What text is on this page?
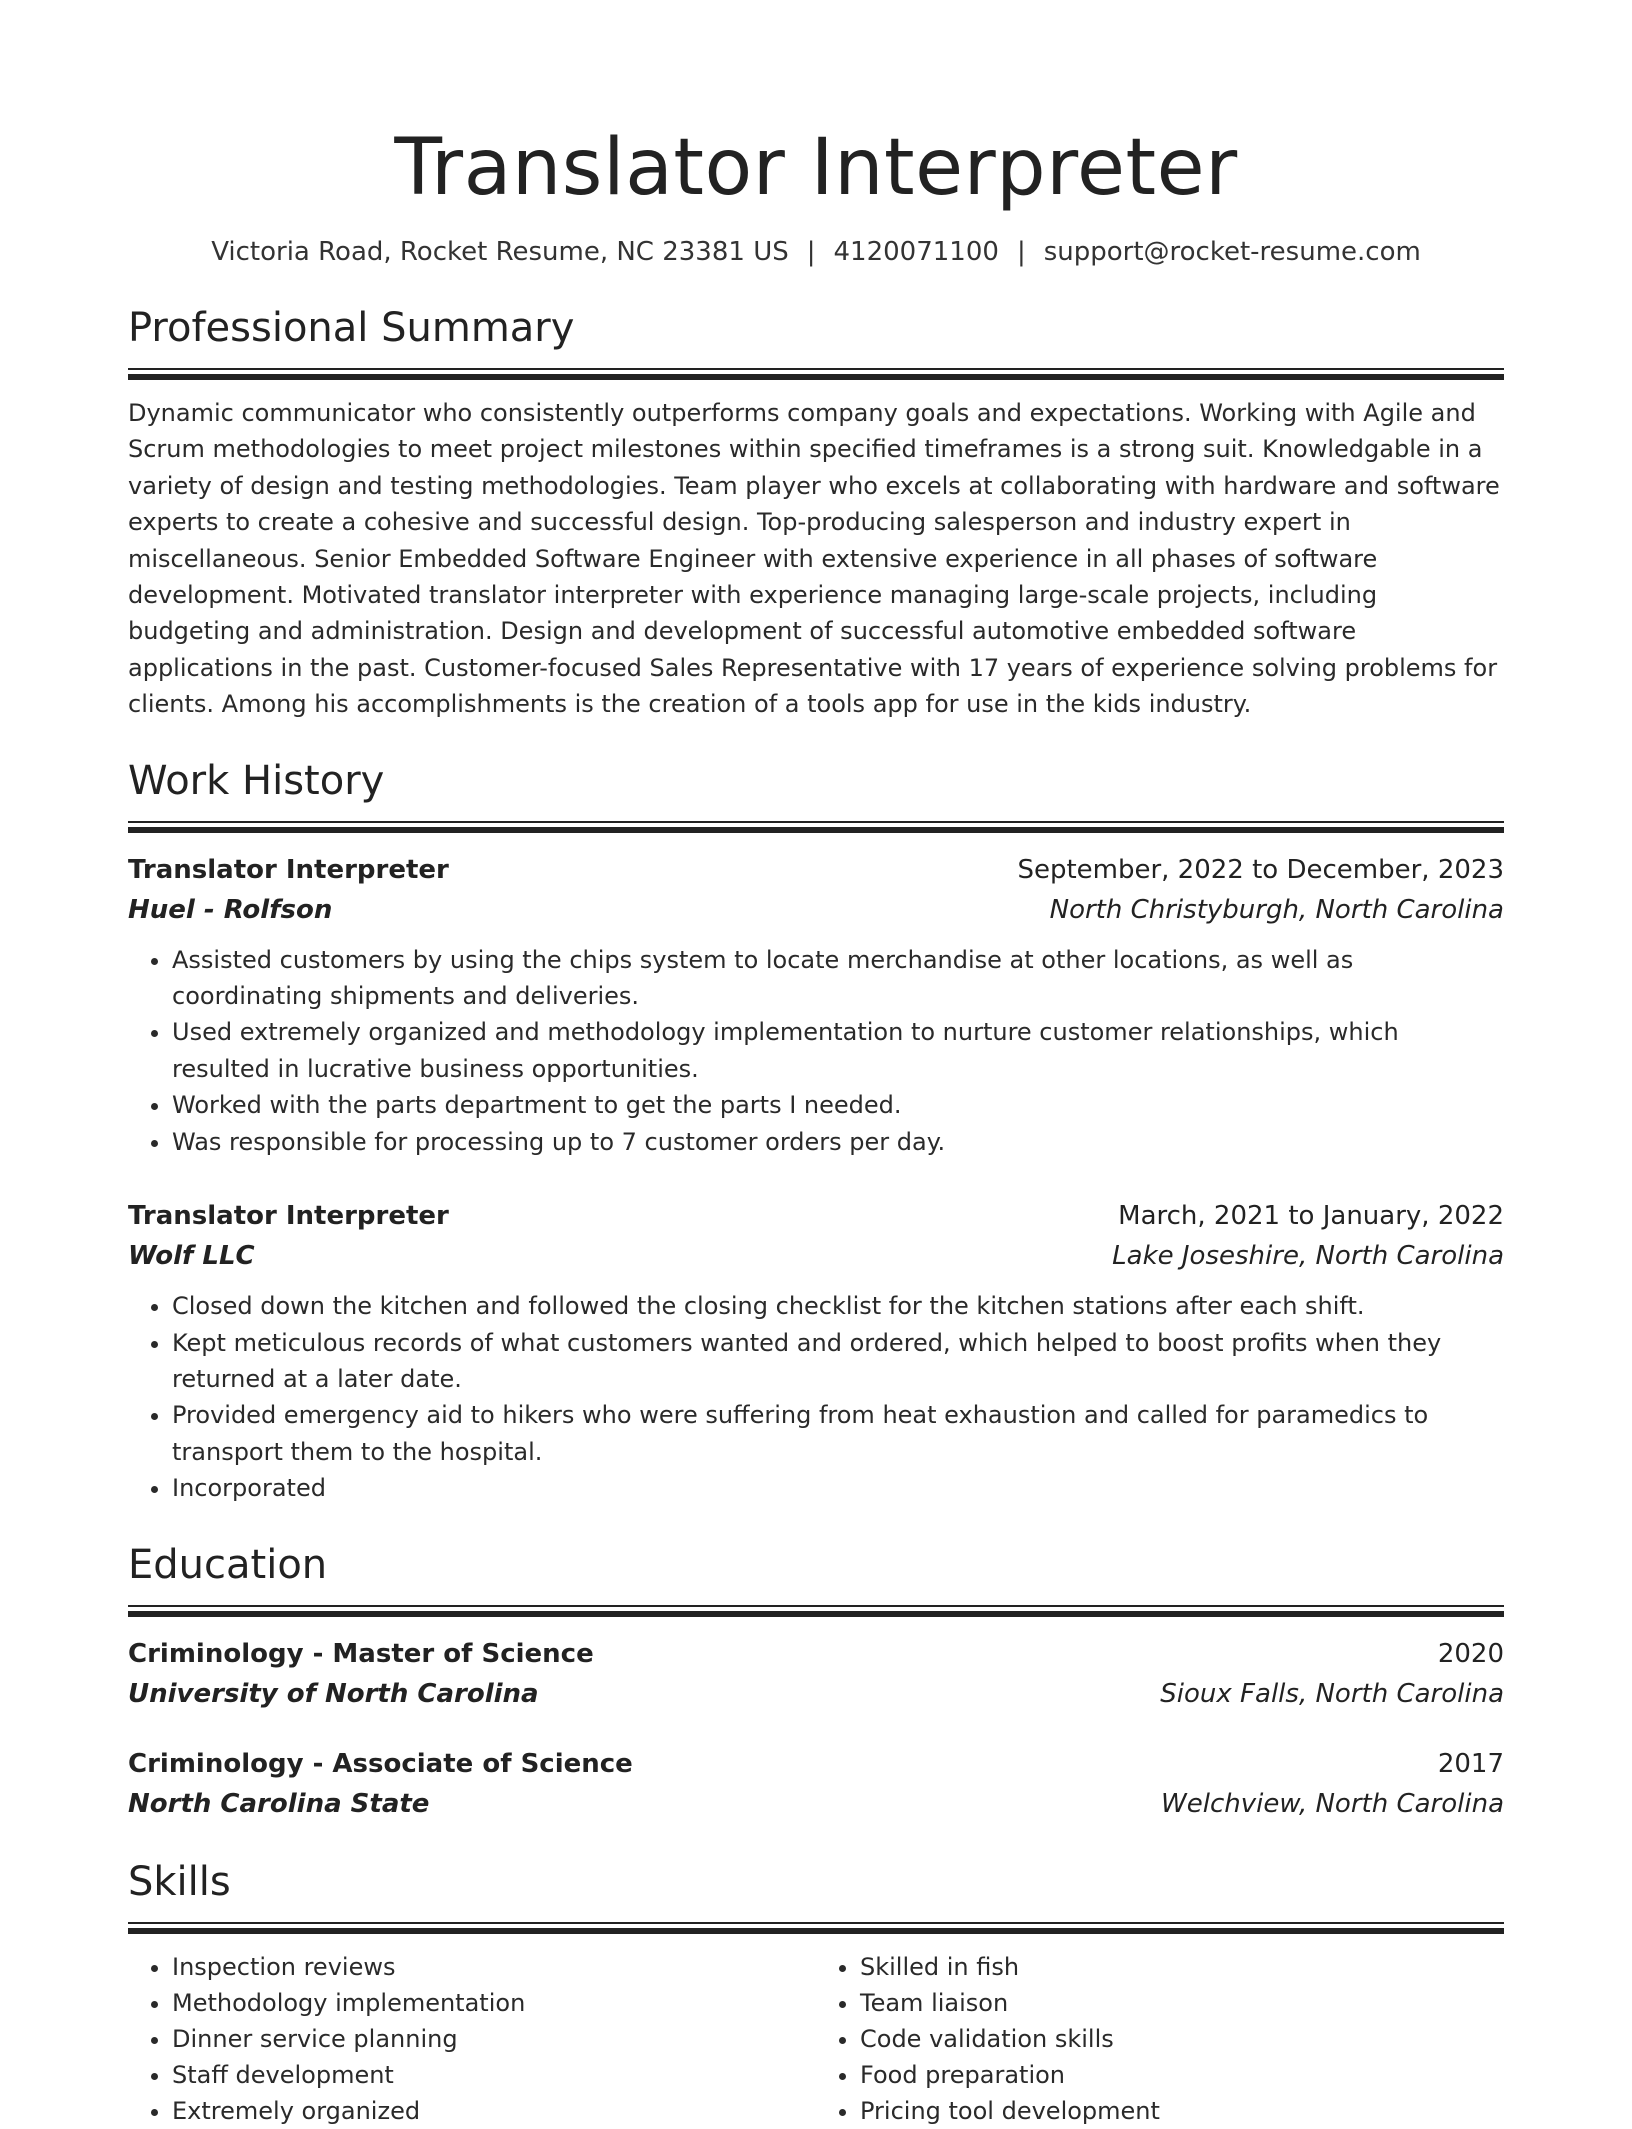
Translator Interpreter
Victoria Road, Rocket Resume, NC 23381 US | 4120071100 | support@rocket-resume.com
Professional Summary
Dynamic communicator who consistently outperforms company goals and expectations. Working with Agile and Scrum methodologies to meet project milestones within specified timeframes is a strong suit. Knowledgable in a variety of design and testing methodologies. Team player who excels at collaborating with hardware and software experts to create a cohesive and successful design. Top-producing salesperson and industry expert in miscellaneous. Senior Embedded Software Engineer with extensive experience in all phases of software development. Motivated translator interpreter with experience managing large-scale projects, including budgeting and administration. Design and development of successful automotive embedded software applications in the past. Customer-focused Sales Representative with 17 years of experience solving problems for clients. Among his accomplishments is the creation of a tools app for use in the kids industry.
Work History
Translator Interpreter	September, 2022 to December, 2023
Huel - Rolfson	North Christyburgh, North Carolina
• Assisted customers by using the chips system to locate merchandise at other locations, as well as coordinating shipments and deliveries.
• Used extremely organized and methodology implementation to nurture customer relationships, which resulted in lucrative business opportunities.
• Worked with the parts department to get the parts I needed.
• Was responsible for processing up to 7 customer orders per day.
Translator Interpreter	March, 2021 to January, 2022
Wolf LLC	Lake Joseshire, North Carolina
• Closed down the kitchen and followed the closing checklist for the kitchen stations after each shift.
• Kept meticulous records of what customers wanted and ordered, which helped to boost profits when they returned at a later date.
• Provided emergency aid to hikers who were suffering from heat exhaustion and called for paramedics to transport them to the hospital.
• Incorporated
Education
Criminology - Master of Science	2020
University of North Carolina	Sioux Falls, North Carolina
Criminology - Associate of Science	2017
North Carolina State	Welchview, North Carolina
Skills
• Inspection reviews
• Methodology implementation
• Dinner service planning
• Staff development
• Extremely organized
• Skilled in fish
• Team liaison
• Code validation skills
• Food preparation
• Pricing tool development
